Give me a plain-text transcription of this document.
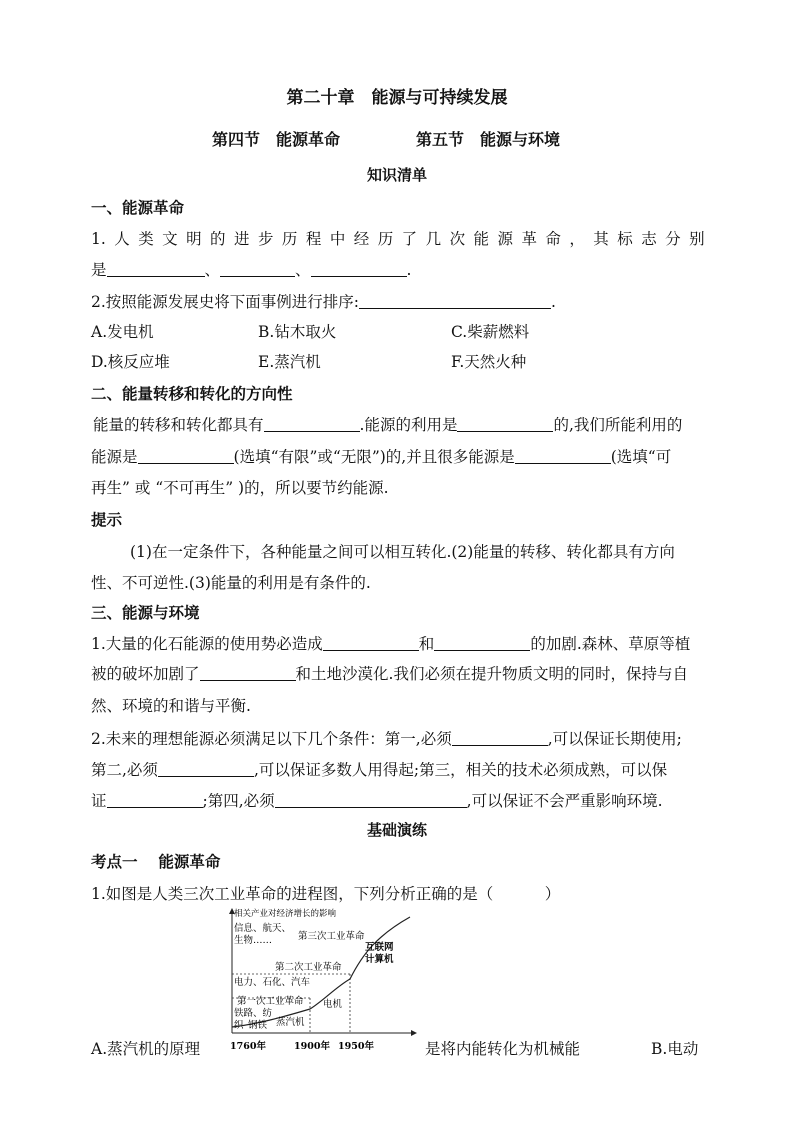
第二十章　能源与可持续发展
第四节　能源革命	第五节　能源与环境
知识清单
一、能源革命
1. 人 类 文 明 的 进 步 历 程 中 经 历 了 几 次 能 源 革 命 ， 其 标 志 分 别
是	、	、	.
2.按照能源发展史将下面事例进行排序:	.
A.发电机	B.钻木取火	C.柴薪燃料
D.核反应堆	E.蒸汽机	F.天然火种
二、能量转移和转化的方向性
能量的转移和转化都具有	.能源的利用是	的,我们所能利用的
能源是	(选填“有限”或“无限”)的,并且很多能源是	(选填“可
再生” 或 “不可再生” )的，所以要节约能源.
提示
(1)在一定条件下，各种能量之间可以相互转化.(2)能量的转移、转化都具有方向
性、不可逆性.(3)能量的利用是有条件的.
三、能源与环境
1.大量的化石能源的使用势必造成	和	的加剧.森林、草原等植
被的破坏加剧了	和土地沙漠化.我们必须在提升物质文明的同时，保持与自
然、环境的和谐与平衡.
2.未来的理想能源必须满足以下几个条件：第一,必须	,可以保证长期使用;
第二,必须	,可以保证多数人用得起;第三，相关的技术必须成熟，可以保
证	;第四,必须	,可以保证不会严重影响环境.
基础演练
考点一　 能源革命
1.如图是人类三次工业革命的进程图，下列分析正确的是（　　　 ）
相关产业对经济增长的影响
信息、航天、
生物……	第三次工业革命
互联网
计算机
第二次工业革命
电力、石化、汽车
第一次工业革命 电机
铁路、纺
织 钢铁 蒸汽机
1760年	1900年 1950年
A.蒸汽机的原理	是将内能转化为机械能	B.电动
